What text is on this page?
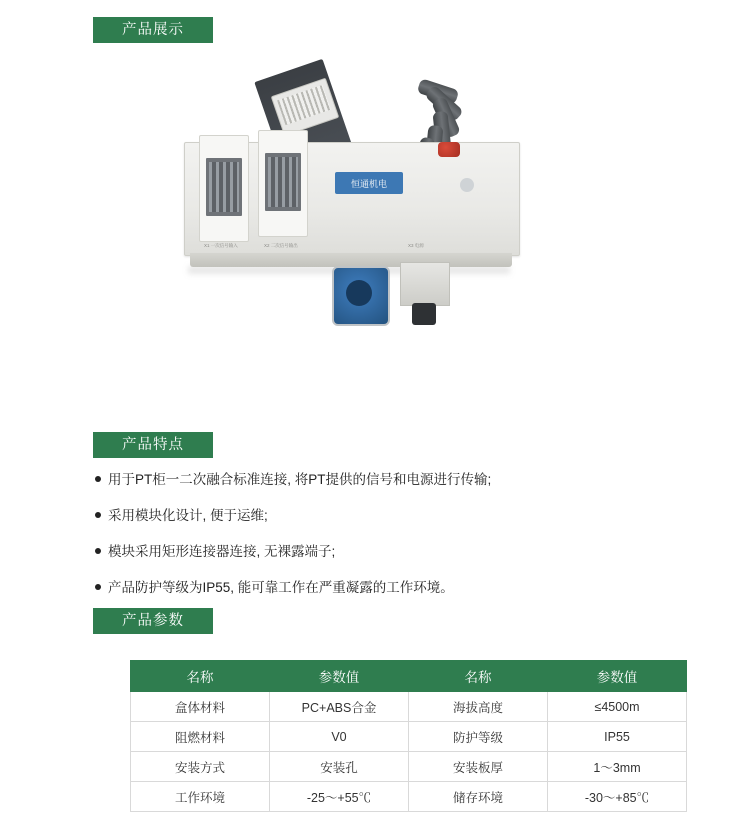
产品展示
恒通机电
X1 一次信号输入	X2 二次信号输出	X3 电源
产品特点
用于PT柜一二次融合标准连接, 将PT提供的信号和电源进行传输;
采用模块化设计, 便于运维;
模块采用矩形连接器连接, 无裸露端子;
产品防护等级为IP55, 能可靠工作在严重凝露的工作环境。
产品参数
名称	参数值	名称	参数值
盒体材料	PC+ABS合金	海拔高度	≤4500m
阻燃材料	V0	防护等级	IP55
安装方式	安装孔	安装板厚	1～3mm
工作环境	-25～+55℃	储存环境	-30～+85℃
